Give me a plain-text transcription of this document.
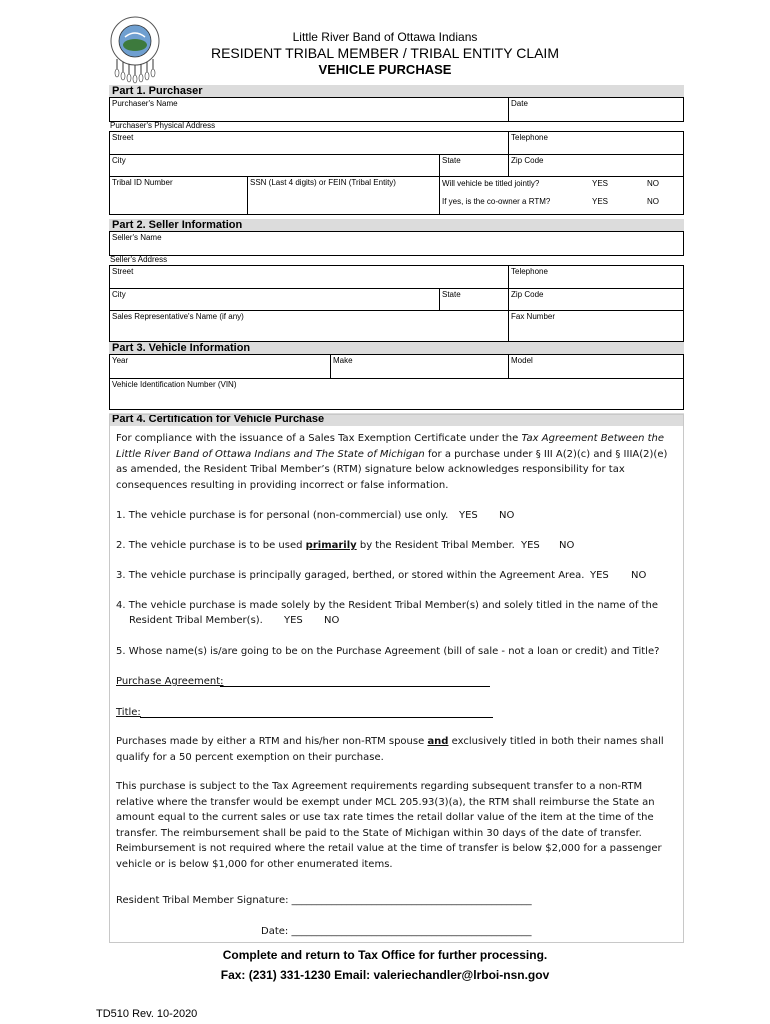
Little River Band of Ottawa Indians
RESIDENT TRIBAL MEMBER / TRIBAL ENTITY CLAIM
VEHICLE PURCHASE
Part 1. Purchaser
Purchaser's Name	Date
Purchaser's Physical Address
Street	Telephone
City	State	Zip Code
Tribal ID Number	SSN (Last 4 digits) or FEIN (Tribal Entity)	Will vehicle be titled jointly?	YES	NO
If yes, is the co-owner a RTM?	YES	NO
Part 2. Seller Information
Seller's Name
Seller's Address
Street	Telephone
City	State	Zip Code
Sales Representative's Name (if any)	Fax Number
Part 3. Vehicle Information
Year	Make	Model
Vehicle Identification Number (VIN)
Part 4. Certification for Vehicle Purchase
For compliance with the issuance of a Sales Tax Exemption Certificate under the Tax Agreement Between the Little River Band of Ottawa Indians and The State of Michigan for a purchase under § III A(2)(c) and § IIIA(2)(e) as amended, the Resident Tribal Member’s (RTM) signature below acknowledges responsibility for tax consequences resulting in providing incorrect or false information.
1. The vehicle purchase is for personal (non-commercial) use only. YES NO
2. The vehicle purchase is to be used primarily by the Resident Tribal Member. YES NO
3. The vehicle purchase is principally garaged, berthed, or stored within the Agreement Area. YES NO
4. The vehicle purchase is made solely by the Resident Tribal Member(s) and solely titled in the name of the
Resident Tribal Member(s). YES NO
5. Whose name(s) is/are going to be on the Purchase Agreement (bill of sale - not a loan or credit) and Title?
Purchase Agreement:
Title:
Purchases made by either a RTM and his/her non-RTM spouse and exclusively titled in both their names shall qualify for a 50 percent exemption on their purchase.
This purchase is subject to the Tax Agreement requirements regarding subsequent transfer to a non-RTM relative where the transfer would be exempt under MCL 205.93(3)(a), the RTM shall reimburse the State an amount equal to the current sales or use tax rate times the retail dollar value of the item at the time of the transfer. The reimbursement shall be paid to the State of Michigan within 30 days of the date of transfer. Reimbursement is not required where the retail value at the time of transfer is below $2,000 for a passenger vehicle or is below $1,000 for other enumerated items.
Resident Tribal Member Signature: ________________________________________________
Date: ________________________________________________
Complete and return to Tax Office for further processing.
Fax: (231) 331-1230 Email: valeriechandler@lrboi-nsn.gov
TD510 Rev. 10-2020
